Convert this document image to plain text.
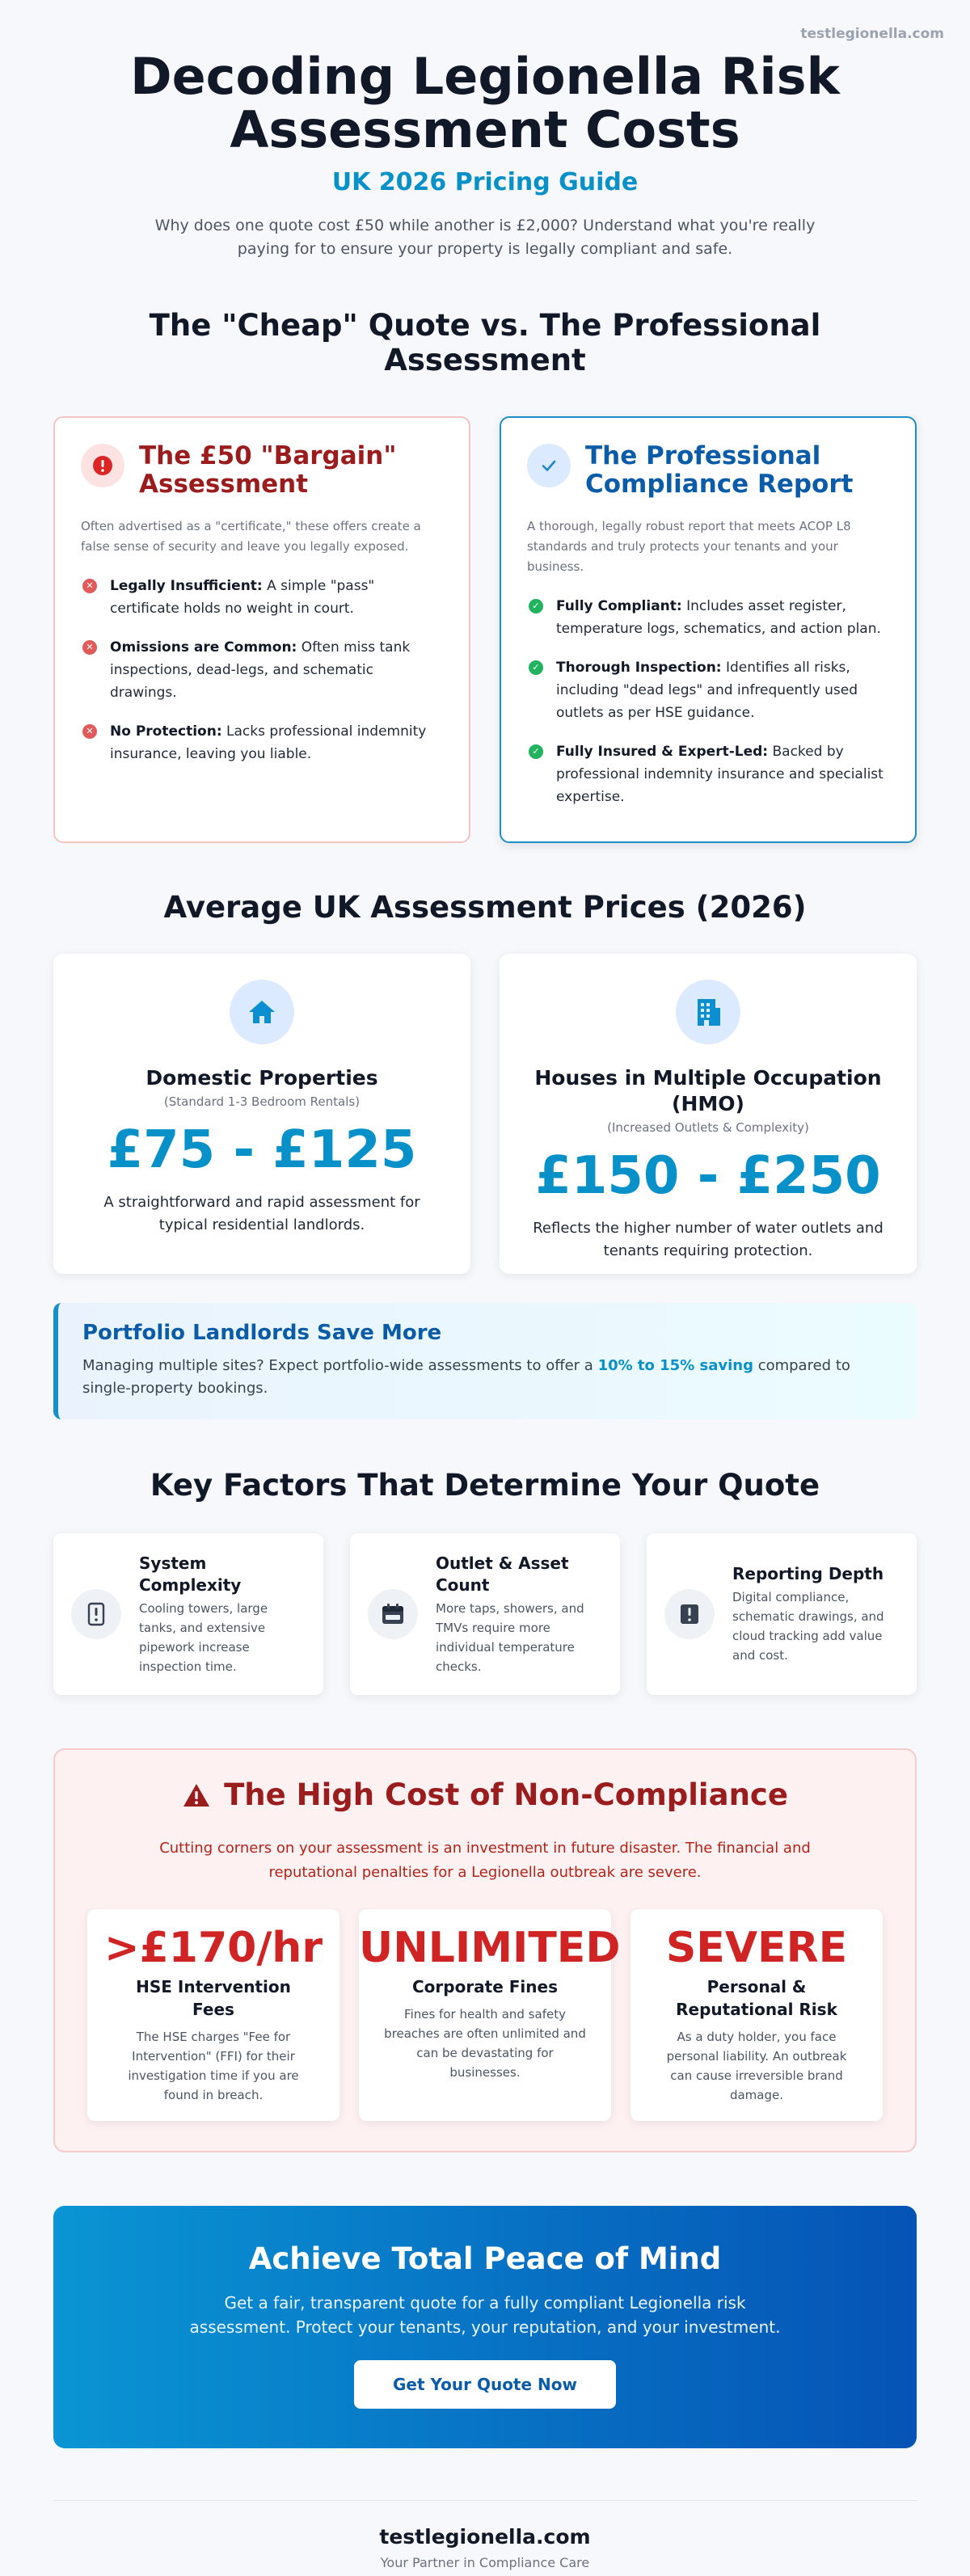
testlegionella.com
Decoding Legionella Risk Assessment Costs
UK 2026 Pricing Guide

Why does one quote cost £50 while another is £2,000? Understand what you're really paying for to ensure your property is legally compliant and safe.

The "Cheap" Quote vs. The Professional Assessment
The £50 "Bargain" Assessment

Often advertised as a "certificate," these offers create a false sense of security and leave you legally exposed.

✕ Legally Insufficient: A simple "pass" certificate holds no weight in court.
✕ Omissions are Common: Often miss tank inspections, dead-legs, and schematic drawings.
✕ No Protection: Lacks professional indemnity insurance, leaving you liable.
The Professional Compliance Report

A thorough, legally robust report that meets ACOP L8 standards and truly protects your tenants and your business.

✓ Fully Compliant: Includes asset register, temperature logs, schematics, and action plan.
✓ Thorough Inspection: Identifies all risks, including "dead legs" and infrequently used outlets as per HSE guidance.
✓ Fully Insured & Expert-Led: Backed by professional indemnity insurance and specialist expertise.
Average UK Assessment Prices (2026)
Domestic Properties
(Standard 1-3 Bedroom Rentals)
£75 - £125

A straightforward and rapid assessment for typical residential landlords.

Houses in Multiple Occupation (HMO)
(Increased Outlets & Complexity)
£150 - £250

Reflects the higher number of water outlets and tenants requiring protection.

Portfolio Landlords Save More

Managing multiple sites? Expect portfolio-wide assessments to offer a 10% to 15% saving compared to single-property bookings.

Key Factors That Determine Your Quote
System Complexity
Cooling towers, large tanks, and extensive pipework increase inspection time.
Outlet & Asset Count
More taps, showers, and TMVs require more individual temperature checks.
Reporting Depth
Digital compliance, schematic drawings, and cloud tracking add value and cost.
The High Cost of Non-Compliance

Cutting corners on your assessment is an investment in future disaster. The financial and reputational penalties for a Legionella outbreak are severe.

>£170/hr
HSE Intervention Fees

The HSE charges "Fee for Intervention" (FFI) for their investigation time if you are found in breach.

UNLIMITED
Corporate Fines

Fines for health and safety breaches are often unlimited and can be devastating for businesses.

SEVERE
Personal & Reputational Risk

As a duty holder, you face personal liability. An outbreak can cause irreversible brand damage.

Achieve Total Peace of Mind

Get a fair, transparent quote for a fully compliant Legionella risk assessment. Protect your tenants, your reputation, and your investment.

Get Your Quote Now
testlegionella.com
Your Partner in Compliance Care
